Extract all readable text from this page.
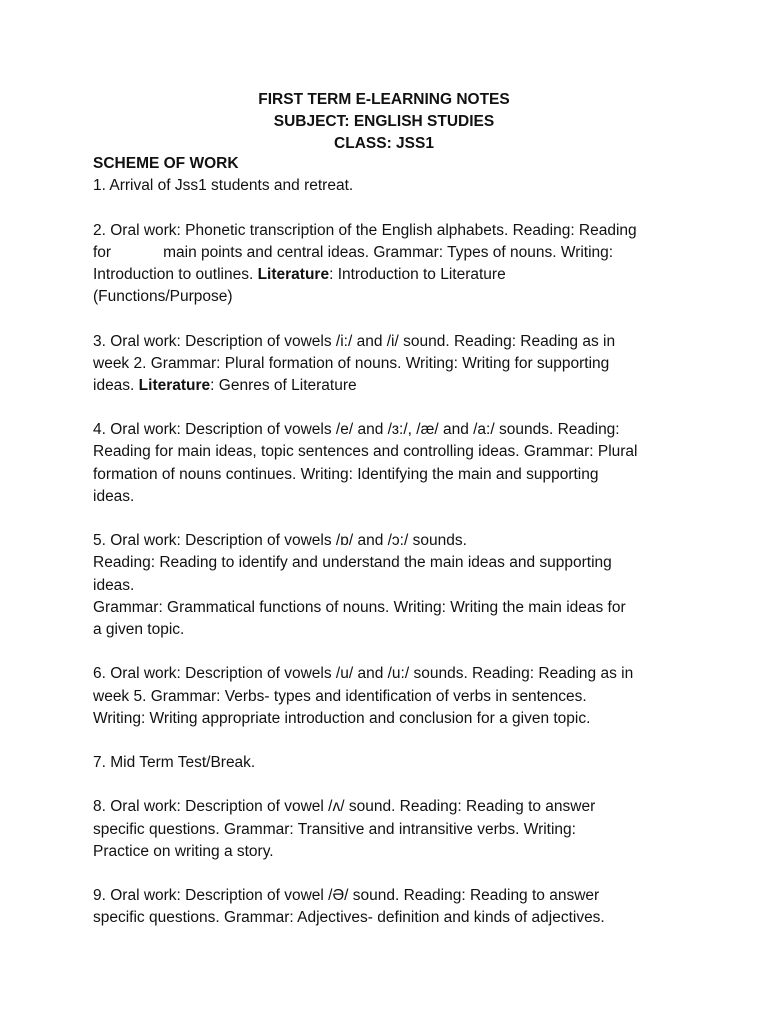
FIRST TERM E-LEARNING NOTES
SUBJECT: ENGLISH STUDIES
CLASS: JSS1
SCHEME OF WORK
1. Arrival of Jss1 students and retreat.
2. Oral work: Phonetic transcription of the English alphabets. Reading: Reading
for	main points and central ideas. Grammar: Types of nouns. Writing:
Introduction to outlines. Literature: Introduction to Literature
(Functions/Purpose)
3. Oral work: Description of vowels /i:/ and /i/ sound. Reading: Reading as in
week 2. Grammar: Plural formation of nouns. Writing: Writing for supporting
ideas. Literature: Genres of Literature
4. Oral work: Description of vowels /e/ and /ɜ:/, /æ/ and /a:/ sounds. Reading:
Reading for main ideas, topic sentences and controlling ideas. Grammar: Plural
formation of nouns continues. Writing: Identifying the main and supporting
ideas.
5. Oral work: Description of vowels /ɒ/ and /ɔ:/ sounds.
Reading: Reading to identify and understand the main ideas and supporting
ideas.
Grammar: Grammatical functions of nouns. Writing: Writing the main ideas for
a given topic.
6. Oral work: Description of vowels /u/ and /u:/ sounds. Reading: Reading as in
week 5. Grammar: Verbs- types and identification of verbs in sentences.
Writing: Writing appropriate introduction and conclusion for a given topic.
7. Mid Term Test/Break.
8. Oral work: Description of vowel /ʌ/ sound. Reading: Reading to answer
specific questions. Grammar: Transitive and intransitive verbs. Writing:
Practice on writing a story.
9. Oral work: Description of vowel /Ə/ sound. Reading: Reading to answer
specific questions. Grammar: Adjectives- definition and kinds of adjectives.
